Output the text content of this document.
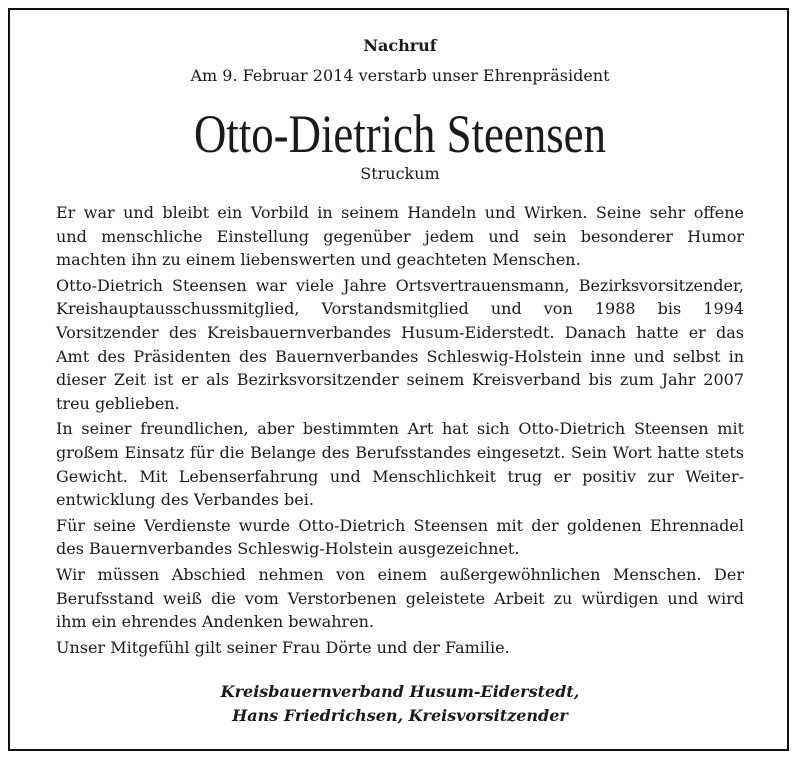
Nachruf
Am 9. Februar 2014 verstarb unser Ehrenpräsident
Otto-Dietrich Steensen
Struckum

Er war und bleibt ein Vorbild in seinem Handeln und Wirken. Seine sehr offene
und menschliche Einstellung gegenüber jedem und sein besonderer Humor
machten ihn zu einem liebenswerten und geachteten Menschen.

Otto-Dietrich Steensen war viele Jahre Ortsvertrauensmann, Bezirksvorsitzender,
Kreishauptausschussmitglied, Vorstandsmitglied und von 1988 bis 1994
Vorsitzender des Kreisbauernverbandes Husum-Eiderstedt. Danach hatte er das
Amt des Präsidenten des Bauernverbandes Schleswig-Holstein inne und selbst in
dieser Zeit ist er als Bezirksvorsitzender seinem Kreisverband bis zum Jahr 2007
treu geblieben.

In seiner freundlichen, aber bestimmten Art hat sich Otto-Dietrich Steensen mit
großem Einsatz für die Belange des Berufsstandes eingesetzt. Sein Wort hatte stets
Gewicht. Mit Lebenserfahrung und Menschlichkeit trug er positiv zur Weiter-
entwicklung des Verbandes bei.

Für seine Verdienste wurde Otto-Dietrich Steensen mit der goldenen Ehrennadel
des Bauernverbandes Schleswig-Holstein ausgezeichnet.

Wir müssen Abschied nehmen von einem außergewöhnlichen Menschen. Der
Berufsstand weiß die vom Verstorbenen geleistete Arbeit zu würdigen und wird
ihm ein ehrendes Andenken bewahren.

Unser Mitgefühl gilt seiner Frau Dörte und der Familie.

Kreisbauernverband Husum-Eiderstedt,
Hans Friedrichsen, Kreisvorsitzender
